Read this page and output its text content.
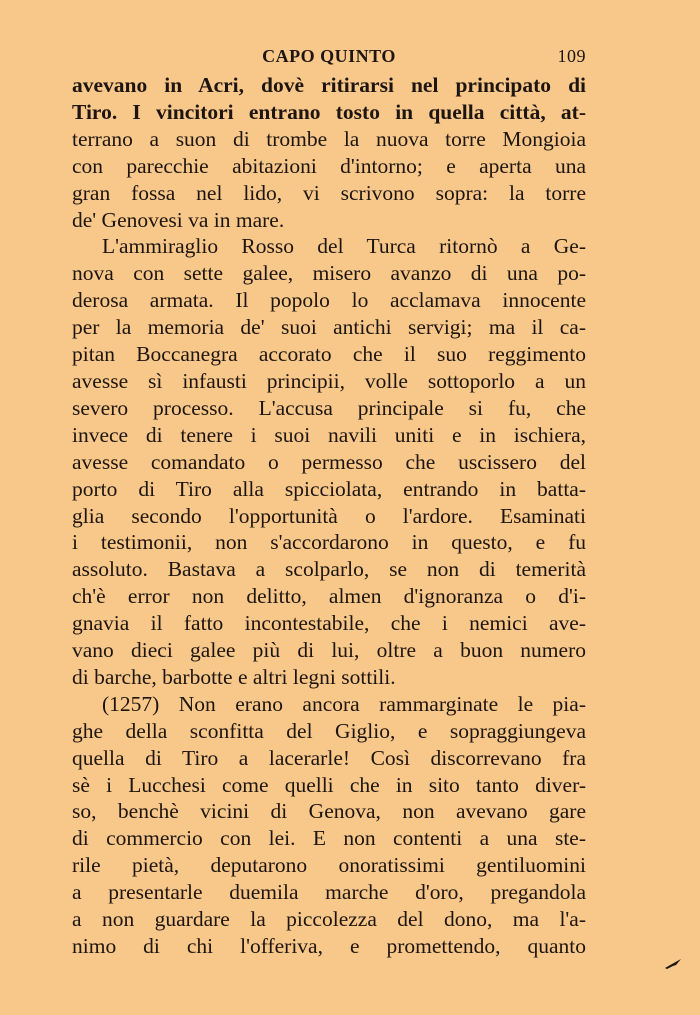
CAPO QUINTO	109
avevano in Acri, dovè ritirarsi nel principato di
Tiro. I vincitori entrano tosto in quella città, at-
terrano a suon di trombe la nuova torre Mongioia
con parecchie abitazioni d'intorno; e aperta una
gran fossa nel lido, vi scrivono sopra: la torre
de' Genovesi va in mare.
L'ammiraglio Rosso del Turca ritornò a Ge-
nova con sette galee, misero avanzo di una po-
derosa armata. Il popolo lo acclamava innocente
per la memoria de' suoi antichi servigi; ma il ca-
pitan Boccanegra accorato che il suo reggimento
avesse sì infausti principii, volle sottoporlo a un
severo processo. L'accusa principale si fu, che
invece di tenere i suoi navili uniti e in ischiera,
avesse comandato o permesso che uscissero del
porto di Tiro alla spicciolata, entrando in batta-
glia secondo l'opportunità o l'ardore. Esaminati
i testimonii, non s'accordarono in questo, e fu
assoluto. Bastava a scolparlo, se non di temerità
ch'è error non delitto, almen d'ignoranza o d'i-
gnavia il fatto incontestabile, che i nemici ave-
vano dieci galee più di lui, oltre a buon numero
di barche, barbotte e altri legni sottili.
(1257) Non erano ancora rammarginate le pia-
ghe della sconfitta del Giglio, e sopraggiungeva
quella di Tiro a lacerarle! Così discorrevano fra
sè i Lucchesi come quelli che in sito tanto diver-
so, benchè vicini di Genova, non avevano gare
di commercio con lei. E non contenti a una ste-
rile pietà, deputarono onoratissimi gentiluomini
a presentarle duemila marche d'oro, pregandola
a non guardare la piccolezza del dono, ma l'a-
nimo di chi l'offeriva, e promettendo, quanto
